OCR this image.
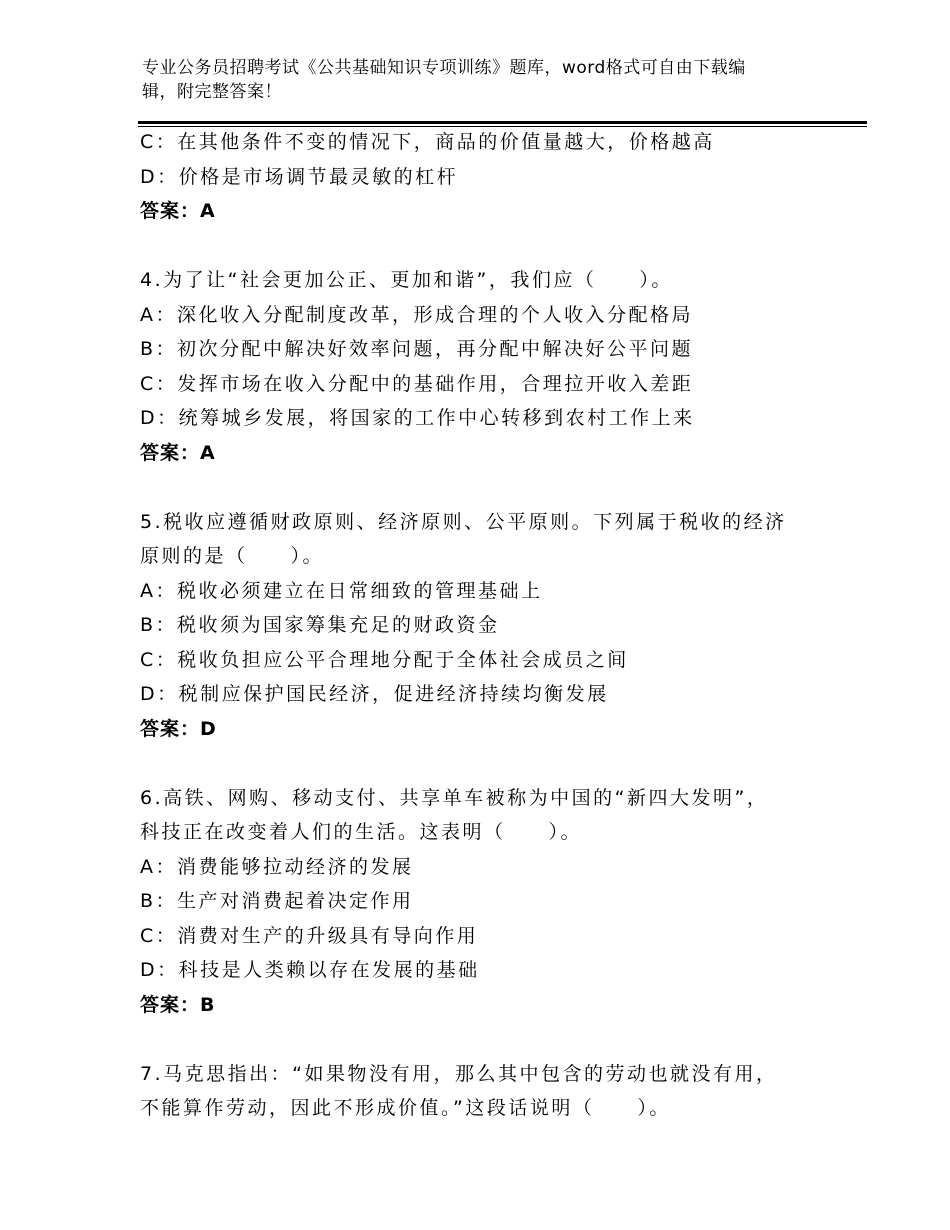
专业公务员招聘考试《公共基础知识专项训练》题库，word格式可自由下载编
辑，附完整答案！
C：在其他条件不变的情况下，商品的价值量越大，价格越高
D：价格是市场调节最灵敏的杠杆
答案：A
4.为了让“社会更加公正、更加和谐”，我们应（　　）。
A：深化收入分配制度改革，形成合理的个人收入分配格局
B：初次分配中解决好效率问题，再分配中解决好公平问题
C：发挥市场在收入分配中的基础作用，合理拉开收入差距
D：统筹城乡发展，将国家的工作中心转移到农村工作上来
答案：A
5.税收应遵循财政原则、经济原则、公平原则。下列属于税收的经济
原则的是（　　）。
A：税收必须建立在日常细致的管理基础上
B：税收须为国家筹集充足的财政资金
C：税收负担应公平合理地分配于全体社会成员之间
D：税制应保护国民经济，促进经济持续均衡发展
答案：D
6.高铁、网购、移动支付、共享单车被称为中国的“新四大发明”，
科技正在改变着人们的生活。这表明（　　）。
A：消费能够拉动经济的发展
B：生产对消费起着决定作用
C：消费对生产的升级具有导向作用
D：科技是人类赖以存在发展的基础
答案：B
7.马克思指出：“如果物没有用，那么其中包含的劳动也就没有用，
不能算作劳动，因此不形成价值。”这段话说明（　　）。
